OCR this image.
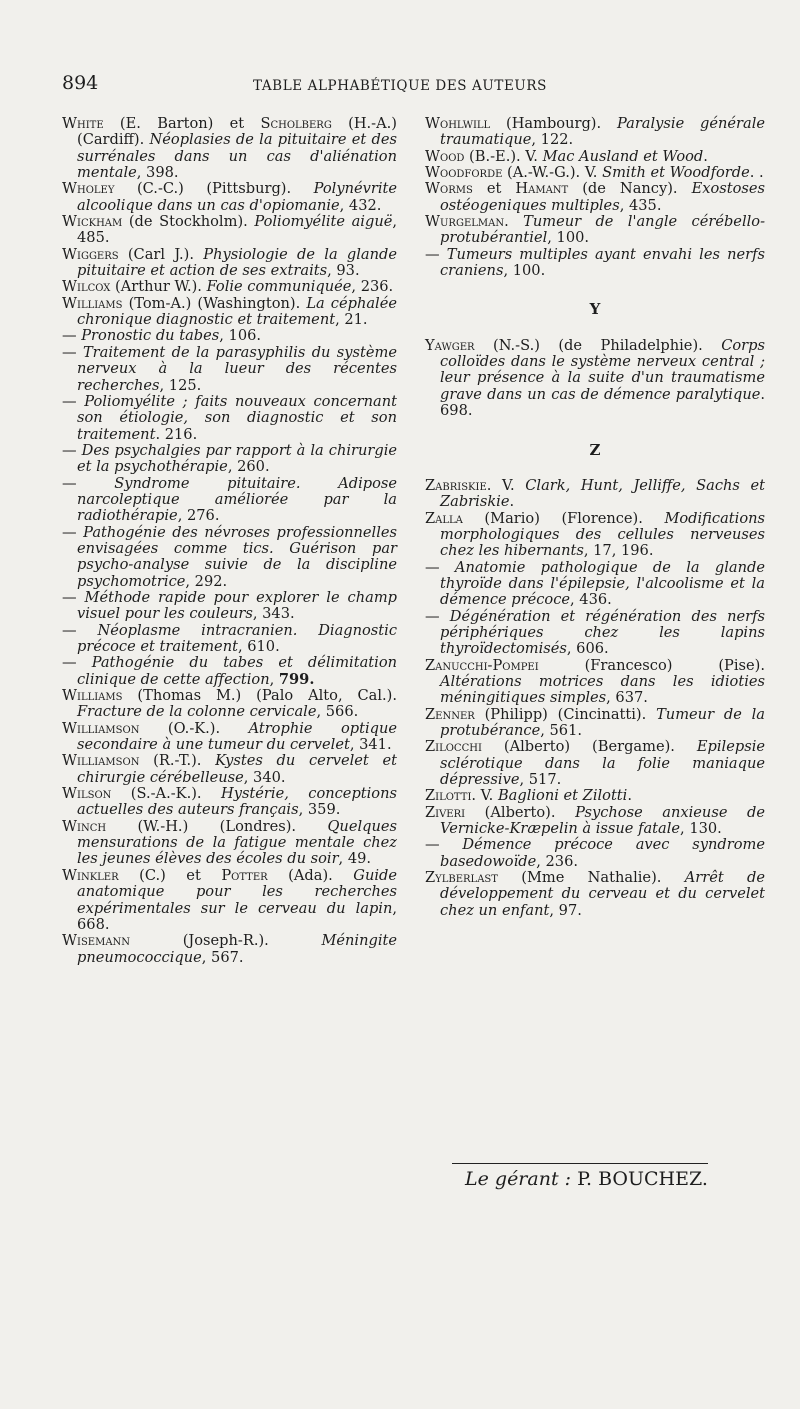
894	TABLE ALPHABÉTIQUE DES AUTEURS

White (E. Barton) et Scholberg (H.-A.) (Cardiff). Néoplasies de la pituitaire et des surrénales dans un cas d'aliénation mentale, 398.

Wholey (C.-C.) (Pittsburg). Polynévrite alcoolique dans un cas d'opiomanie, 432.

Wickham (de Stockholm). Poliomyélite aiguë, 485.

Wiggers (Carl J.). Physiologie de la glande pituitaire et action de ses extraits, 93.

Wilcox (Arthur W.). Folie communiquée, 236.

Williams (Tom-A.) (Washington). La céphalée chronique diagnostic et traitement, 21.

— Pronostic du tabes, 106.

— Traitement de la parasyphilis du système nerveux à la lueur des récentes recherches, 125.

— Poliomyélite ; faits nouveaux concernant son étiologie, son diagnostic et son traitement. 216.

— Des psychalgies par rapport à la chirurgie et la psychothérapie, 260.

— Syndrome pituitaire. Adipose narcoleptique améliorée par la radiothérapie, 276.

— Pathogénie des névroses professionnelles envisagées comme tics. Guérison par psycho-analyse suivie de la discipline psychomotrice, 292.

— Méthode rapide pour explorer le champ visuel pour les couleurs, 343.

— Néoplasme intracranien. Diagnostic précoce et traitement, 610.

— Pathogénie du tabes et délimitation clinique de cette affection, 799.

Williams (Thomas M.) (Palo Alto, Cal.). Fracture de la colonne cervicale, 566.

Williamson (O.-K.). Atrophie optique secondaire à une tumeur du cervelet, 341.

Williamson (R.-T.). Kystes du cervelet et chirurgie cérébelleuse, 340.

Wilson (S.-A.-K.). Hystérie, conceptions actuelles des auteurs français, 359.

Winch (W.-H.) (Londres). Quelques mensurations de la fatigue mentale chez les jeunes élèves des écoles du soir, 49.

Winkler (C.) et Potter (Ada). Guide anatomique pour les recherches expérimentales sur le cerveau du lapin, 668.

Wisemann (Joseph-R.). Méningite pneumococcique, 567.

Wohlwill (Hambourg). Paralysie générale traumatique, 122.

Wood (B.-E.). V. Mac Ausland et Wood.

Woodforde (A.-W.-G.). V. Smith et Woodforde. .

Worms et Hamant (de Nancy). Exostoses ostéogeniques multiples, 435.

Wurgelman. Tumeur de l'angle cérébello-protubérantiel, 100.

— Tumeurs multiples ayant envahi les nerfs craniens, 100.

Y

Yawger (N.-S.) (de Philadelphie). Corps colloïdes dans le système nerveux central ; leur présence à la suite d'un traumatisme grave dans un cas de démence paralytique. 698.

Z

Zabriskie. V. Clark, Hunt, Jelliffe, Sachs et Zabriskie.

Zalla (Mario) (Florence). Modifications morphologiques des cellules nerveuses chez les hibernants, 17, 196.

— Anatomie pathologique de la glande thyroïde dans l'épilepsie, l'alcoolisme et la démence précoce, 436.

— Dégénération et régénération des nerfs périphériques chez les lapins thyroïdectomisés, 606.

Zanucchi-Pompei (Francesco) (Pise). Altérations motrices dans les idioties méningitiques simples, 637.

Zenner (Philipp) (Cincinatti). Tumeur de la protubérance, 561.

Zilocchi (Alberto) (Bergame). Epilepsie sclérotique dans la folie maniaque dépressive, 517.

Zilotti. V. Baglioni et Zilotti.

Ziveri (Alberto). Psychose anxieuse de Vernicke-Kræpelin à issue fatale, 130.

— Démence précoce avec syndrome basedowoïde, 236.

Zylberlast (Mme Nathalie). Arrêt de développement du cerveau et du cervelet chez un enfant, 97.

Le gérant : P. BOUCHEZ.
